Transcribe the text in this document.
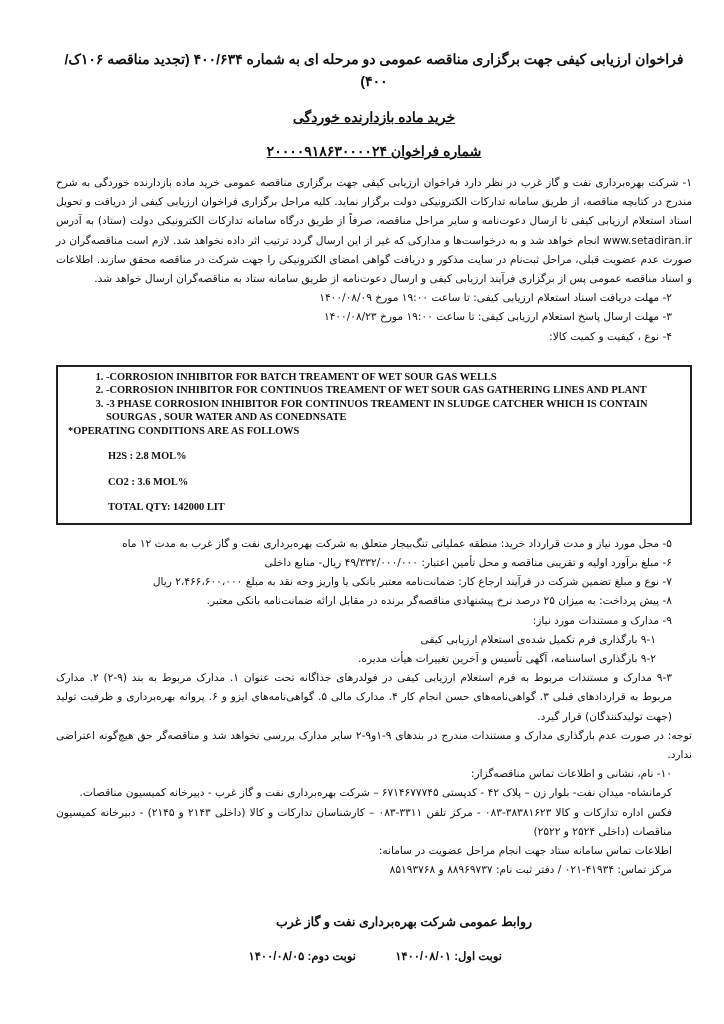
فراخوان ارزیابی کیفی جهت برگزاری مناقصه عمومی دو مرحله ای به شماره ۴۰۰/۶۳۴ (تجدید مناقصه ۱۰۶ک/۴۰۰)

خرید ماده بازدارنده خوردگی

شماره فراخوان ۲۰۰۰۰۹۱۸۶۳۰۰۰۰۲۴

۱- شرکت بهره‌برداری نفت و گاز غرب در نظر دارد فراخوان ارزیابی کیفی جهت برگزاری مناقصه عمومی خرید ماده بازدارنده خوردگی به شرح مندرج در کتابچه مناقصه، از طریق سامانه تدارکات الکترونیکی دولت برگزار نماید. کلیه مراحل برگزاری فراخوان ارزیابی کیفی از دریافت و تحویل اسناد استعلام ارزیابی کیفی تا ارسال دعوت‌نامه و سایر مراحل مناقصه، صرفاً از طریق درگاه سامانه تدارکات الکترونیکی دولت (ستاد) به آدرس www.setadiran.ir انجام خواهد شد و به درخواست‌ها و مدارکی که غیر از این ارسال گردد ترتیب اثر داده نخواهد شد. لازم است مناقصه‌گران در صورت عدم عضویت قبلی، مراحل ثبت‌نام در سایت مذکور و دریافت گواهی امضای الکترونیکی را جهت شرکت در مناقصه محقق سازند. اطلاعات و اسناد مناقصه عمومی پس از برگزاری فرآیند ارزیابی کیفی و ارسال دعوت‌نامه از طریق سامانه ستاد به مناقصه‌گران ارسال خواهد شد.

۲- مهلت دریافت اسناد استعلام ارزیابی کیفی: تا ساعت ۱۹:۰۰ مورخ ۱۴۰۰/۰۸/۰۹

۳- مهلت ارسال پاسخ استعلام ارزیابی کیفی: تا ساعت ۱۹:۰۰ مورخ ۱۴۰۰/۰۸/۲۳

۴- نوع ، کیفیت و کمیت کالا:

1. -CORROSION INHIBITOR FOR BATCH TREAMENT OF WET SOUR GAS WELLS
2. -CORROSION INHIBITOR FOR CONTINUOS TREAMENT OF WET SOUR GAS GATHERING LINES AND PLANT
3. -3 PHASE CORROSION INHIBITOR FOR CONTINUOS TREAMENT IN SLUDGE CATCHER WHICH IS CONTAIN SOURGAS , SOUR WATER AND AS CONEDNSATE
*OPERATING CONDITIONS ARE AS FOLLOWS
H2S : 2.8 MOL%
CO2 : 3.6 MOL%
TOTAL QTY: 142000 LIT

۵- محل مورد نیاز و مدت قرارداد خرید: منطقه عملیاتی تنگ‌بیجار متعلق به شرکت بهره‌برداری نفت و گاز غرب به مدت ۱۲ ماه

۶- مبلغ برآورد اولیه و تقریبی مناقصه و محل تأمین اعتبار: ۴۹/۳۳۲/۰۰۰/۰۰۰ ریال- منابع داخلی

۷- نوع و مبلغ تضمین شرکت در فرآیند ارجاع کار: ضمانت‌نامه معتبر بانکی یا واریز وجه نقد به مبلغ ۲،۴۶۶،۶۰۰،۰۰۰ ریال

۸- پیش پرداخت: به میزان ۲۵ درصد نرخ پیشنهادی مناقصه‌گر برنده در مقابل ارائه ضمانت‌نامه بانکی معتبر.

۹- مدارک و مستندات مورد نیاز:

۹-۱ بارگذاری فرم تکمیل شده‌ی استعلام ارزیابی کیفی

۹-۲ بارگذاری اساسنامه، آگهی تأسیس و آخرین تغییرات هیأت مدیره.

۹-۳ مدارک و مستندات مربوط به فرم استعلام ارزیابی کیفی در فولدرهای جداگانه تحت عنوان ۱. مدارک مربوط به بند (۹-۲) ۲. مدارک مربوط به قراردادهای قبلی ۳. گواهی‌نامه‌های حسن انجام کار ۴. مدارک مالی ۵. گواهی‌نامه‌های ایزو و ۶. پروانه بهره‌برداری و ظرفیت تولید (جهت تولیدکنندگان) قرار گیرد.

توجه: در صورت عدم بارگذاری مدارک و مستندات مندرج در بندهای ۹-۱و۹-۲ سایر مدارک بررسی نخواهد شد و مناقصه‌گر حق هیچ‌گونه اعتراضی ندارد.

۱۰- نام، نشانی و اطلاعات تماس مناقصه‌گزار:

کرمانشاه- میدان نفت- بلوار زن – پلاک ۴۲ - کدپستی ۶۷۱۴۶۷۷۷۴۵ – شرکت بهره‌برداری نفت و گاز غرب - دبیرخانه کمیسیون مناقصات.

فکس اداره تدارکات و کالا ۳۸۳۸۱۶۲۳-۰۸۳ - مرکز تلفن ۳۳۱۱-۰۸۳ – کارشناسان تدارکات و کالا (داخلی ۲۱۴۳ و ۲۱۴۵) - دبیرخانه کمیسیون مناقصات (داخلی ۲۵۲۴ و ۲۵۲۲)

اطلاعات تماس سامانه ستاد جهت انجام مراحل عضویت در سامانه:

مرکز تماس: ۴۱۹۳۴-۰۲۱ / دفتر ثبت نام: ۸۸۹۶۹۷۳۷ و ۸۵۱۹۳۷۶۸

روابط عمومی شرکت بهره‌برداری نفت و گاز غرب
نوبت اول: ۱۴۰۰/۰۸/۰۱ نوبت دوم: ۱۴۰۰/۰۸/۰۵
